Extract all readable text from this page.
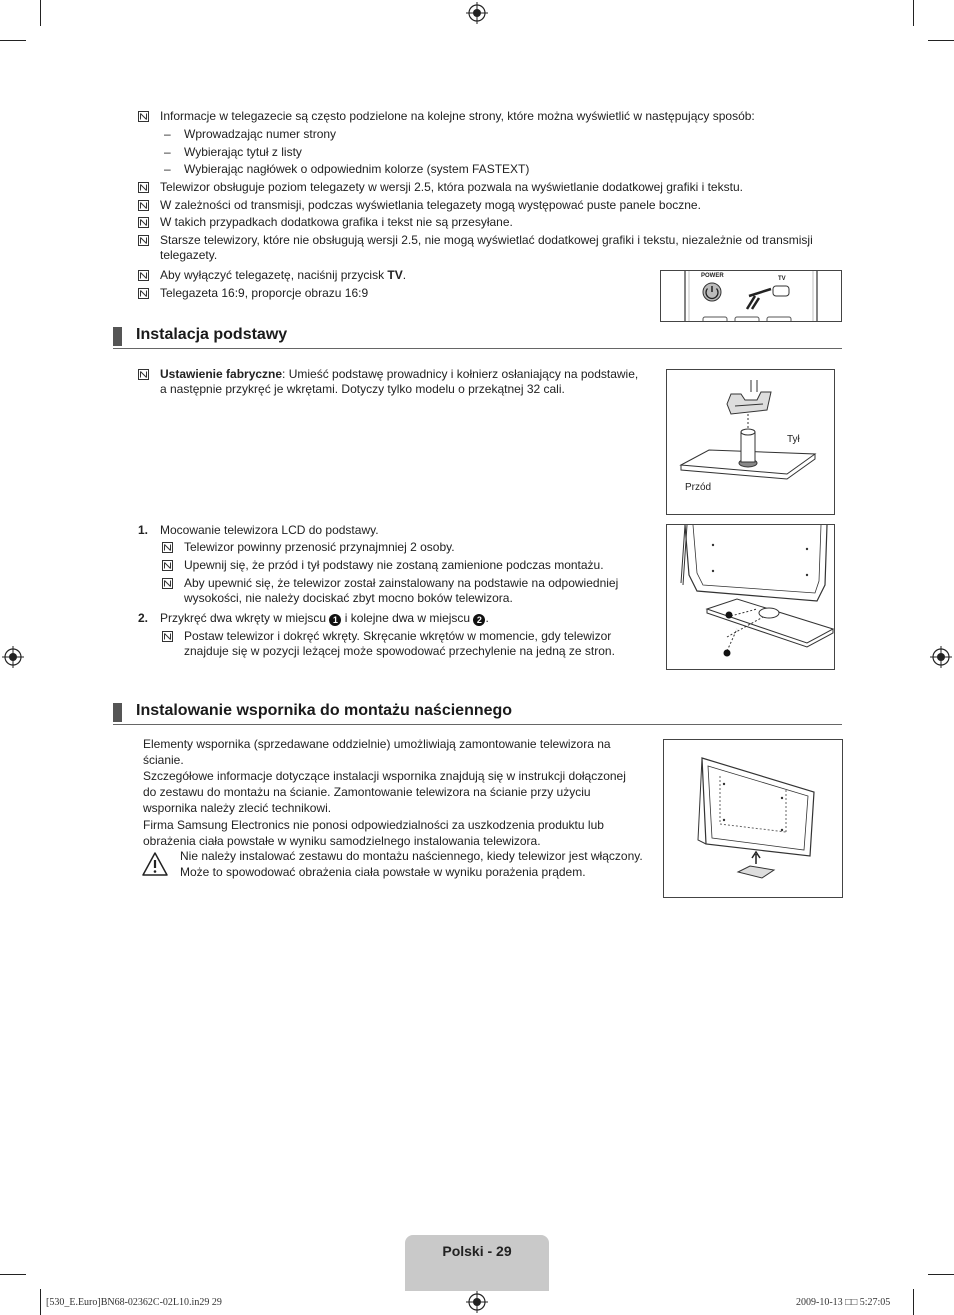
Informacje w telegazecie są często podzielone na kolejne strony, które można wyświetlić w następujący sposób:
– Wprowadzając numer strony
– Wybierając tytuł z listy
– Wybierając nagłówek o odpowiednim kolorze (system FASTEXT)
Telewizor obsługuje poziom telegazety w wersji 2.5, która pozwala na wyświetlanie dodatkowej grafiki i tekstu.
W zależności od transmisji, podczas wyświetlania telegazety mogą występować puste panele boczne.
W takich przypadkach dodatkowa grafika i tekst nie są przesyłane.
Starsze telewizory, które nie obsługują wersji 2.5, nie mogą wyświetlać dodatkowej grafiki i tekstu, niezależnie od transmisji
telegazety.
Aby wyłączyć telegazetę, naciśnij przycisk TV.
Telegazeta 16:9, proporcje obrazu 16:9
POWER	TV
Instalacja podstawy
Ustawienie fabryczne: Umieść podstawę prowadnicy i kołnierz osłaniający na podstawie,
a następnie przykręć je wkrętami. Dotyczy tylko modelu o przekątnej 32 cali.
Tył
Przód
1. Mocowanie telewizora LCD do podstawy.
Telewizor powinny przenosić przynajmniej 2 osoby.
Upewnij się, że przód i tył podstawy nie zostaną zamienione podczas montażu.
Aby upewnić się, że telewizor został zainstalowany na podstawie na odpowiedniej
wysokości, nie należy dociskać zbyt mocno boków telewizora.
2. Przykręć dwa wkręty w miejscu 1 i kolejne dwa w miejscu 2 .
Postaw telewizor i dokręć wkręty. Skręcanie wkrętów w momencie, gdy telewizor
znajduje się w pozycji leżącej może spowodować przechylenie na jedną ze stron.
Instalowanie wspornika do montażu naściennego
Elementy wspornika (sprzedawane oddzielnie) umożliwiają zamontowanie telewizora na
ścianie.
Szczegółowe informacje dotyczące instalacji wspornika znajdują się w instrukcji dołączonej
do zestawu do montażu na ścianie. Zamontowanie telewizora na ścianie przy użyciu
wspornika należy zlecić technikowi.
Firma Samsung Electronics nie ponosi odpowiedzialności za uszkodzenia produktu lub
obrażenia ciała powstałe w wyniku samodzielnego instalowania telewizora.
Nie należy instalować zestawu do montażu naściennego, kiedy telewizor jest włączony.
Może to spowodować obrażenia ciała powstałe w wyniku porażenia prądem.
Polski - 29
[530_E.Euro]BN68-02362C-02L10.in29 29	2009-10-13 □□ 5:27:05
